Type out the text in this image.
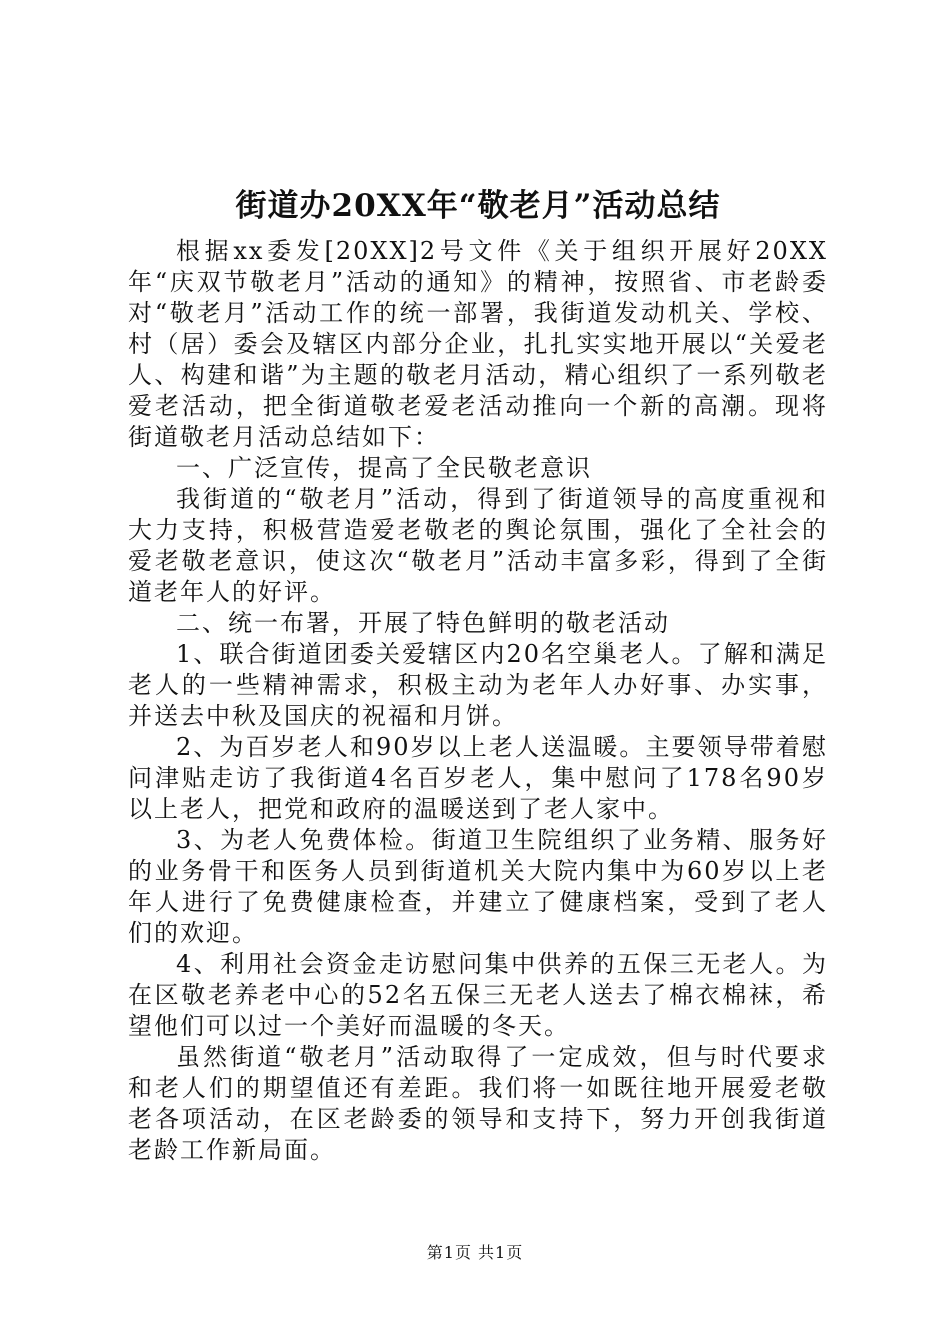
街道办20XX年“敬老月”活动总结

根据xx委发[20XX]2号文件《关于组织开展好20XX年“庆双节敬老月”活动的通知》的精神，按照省、市老龄委对“敬老月”活动工作的统一部署，我街道发动机关、学校、村（居）委会及辖区内部分企业，扎扎实实地开展以“关爱老人、构建和谐”为主题的敬老月活动，精心组织了一系列敬老爱老活动，把全街道敬老爱老活动推向一个新的高潮。现将街道敬老月活动总结如下：

一、广泛宣传，提高了全民敬老意识

我街道的“敬老月”活动，得到了街道领导的高度重视和大力支持，积极营造爱老敬老的舆论氛围，强化了全社会的爱老敬老意识，使这次“敬老月”活动丰富多彩，得到了全街道老年人的好评。

二、统一布署，开展了特色鲜明的敬老活动

1、联合街道团委关爱辖区内20名空巢老人。了解和满足老人的一些精神需求，积极主动为老年人办好事、办实事，并送去中秋及国庆的祝福和月饼。

2、为百岁老人和90岁以上老人送温暖。主要领导带着慰问津贴走访了我街道4名百岁老人，集中慰问了178名90岁以上老人，把党和政府的温暖送到了老人家中。

3、为老人免费体检。街道卫生院组织了业务精、服务好的业务骨干和医务人员到街道机关大院内集中为60岁以上老年人进行了免费健康检查，并建立了健康档案，受到了老人们的欢迎。

4、利用社会资金走访慰问集中供养的五保三无老人。为在区敬老养老中心的52名五保三无老人送去了棉衣棉袜，希望他们可以过一个美好而温暖的冬天。

虽然街道“敬老月”活动取得了一定成效，但与时代要求和老人们的期望值还有差距。我们将一如既往地开展爱老敬老各项活动，在区老龄委的领导和支持下，努力开创我街道老龄工作新局面。

第1页 共1页
